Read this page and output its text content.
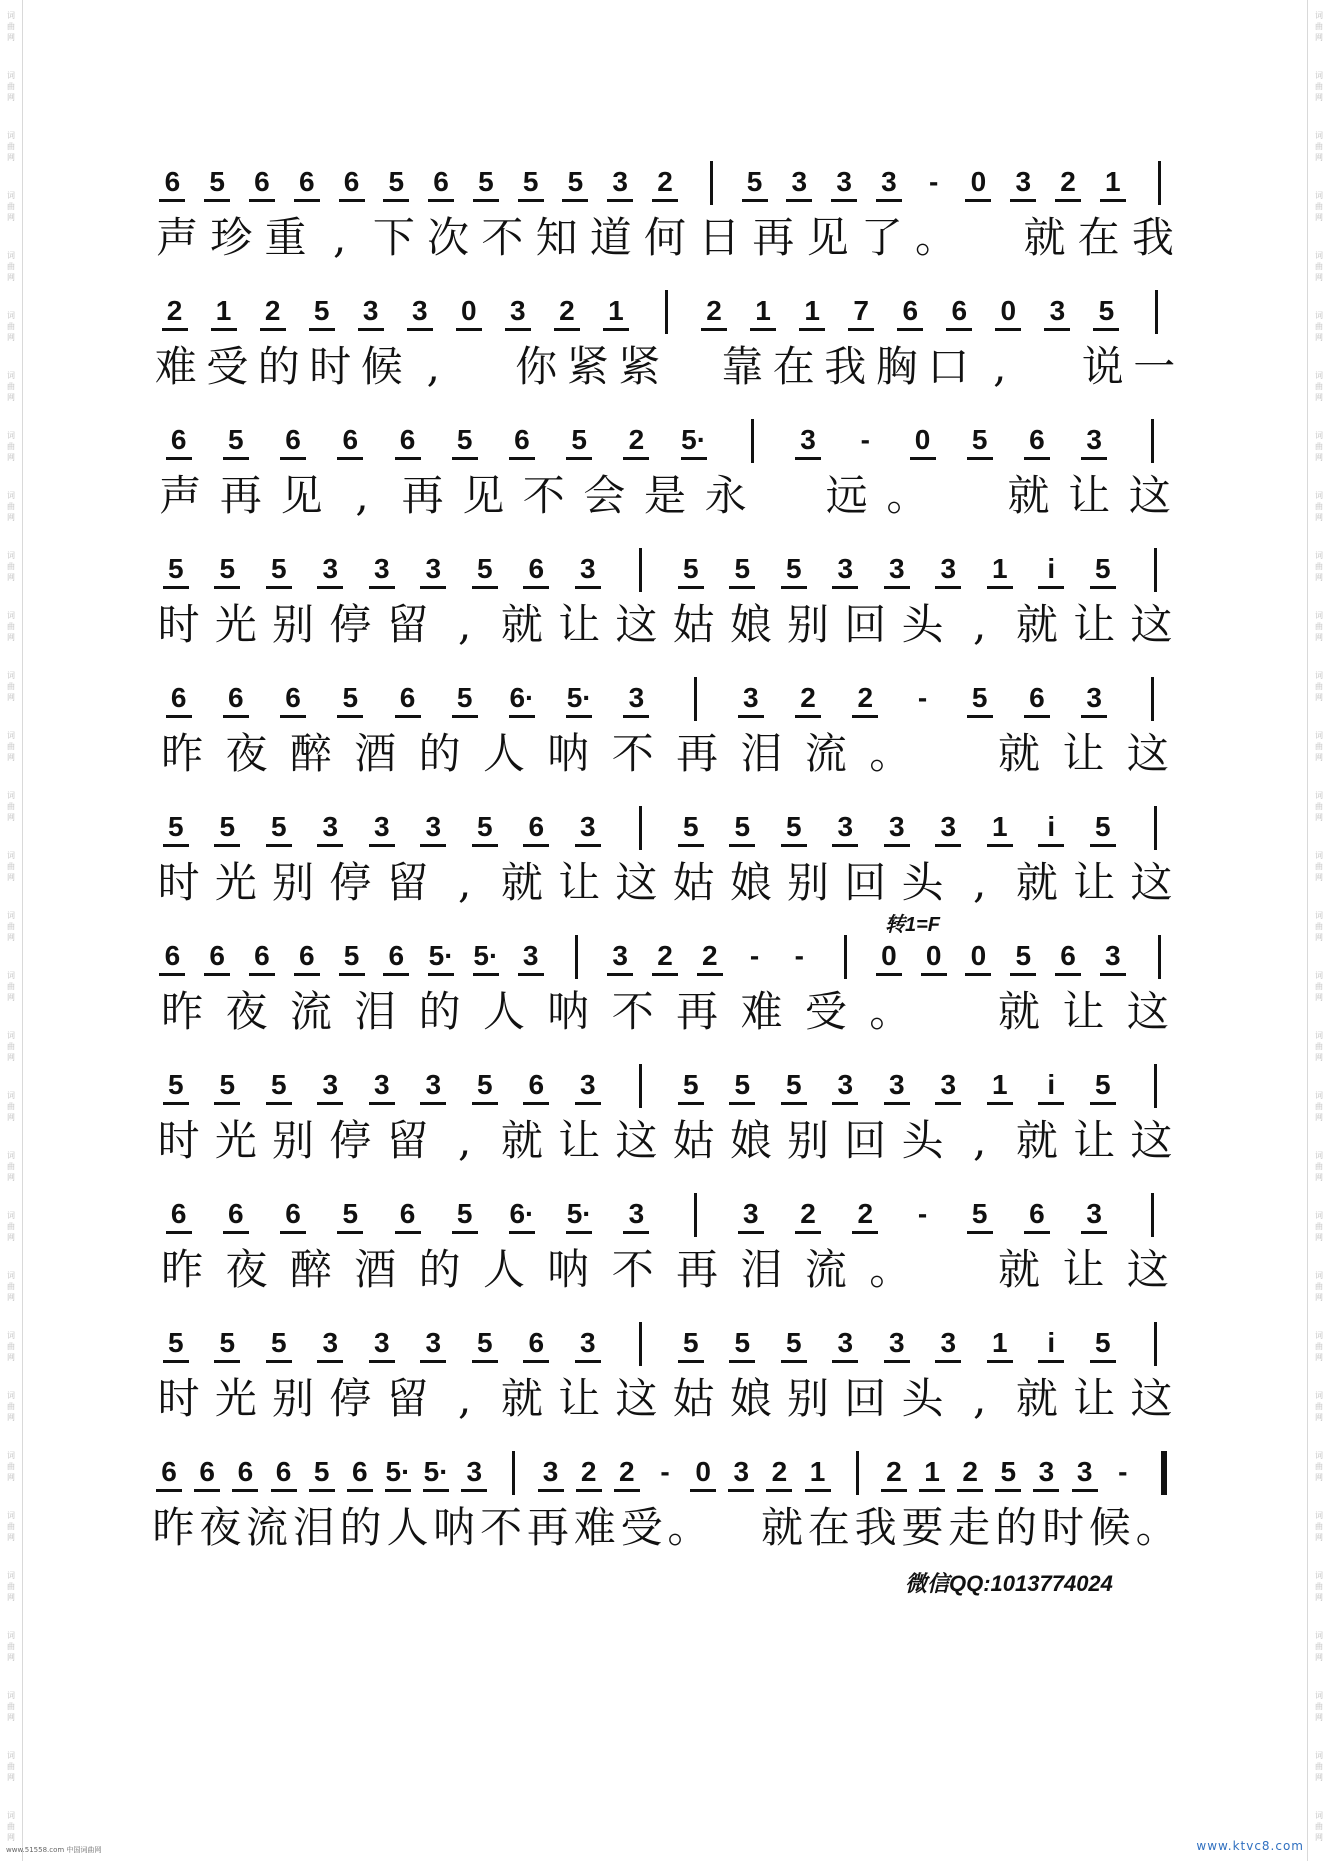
词
曲
网
词
曲
网
词
曲
网
词
曲
网
词
曲
网
词
曲
网
词
曲
网
词
曲
网
词
曲
网
词
曲
网
词
曲
网
词
曲
网
词
曲
网
词
曲
网
词
曲
网
词
曲
网
词
曲
网
词
曲
网
词
曲
网
词
曲
网
词
曲
网
词
曲
网
词
曲
网
词
曲
网
词
曲
网
词
曲
网
词
曲
网
词
曲
网
词
曲
网
词
曲
网
词
曲
网
词
曲
网
词
曲
网
词
曲
网
词
曲
网
词
曲
网
词
曲
网
词
曲
网
词
曲
网
词
曲
网
词
曲
网
词
曲
网
词
曲
网
词
曲
网
词
曲
网
词
曲
网
词
曲
网
词
曲
网
词
曲
网
词
曲
网
词
曲
网
词
曲
网
词
曲
网
词
曲
网
词
曲
网
词
曲
网
词
曲
网
词
曲
网
词
曲
网
词
曲
网
词
曲
网
词
曲
网
6 5 6 6 6 5 6 5 5 5 3 2	5 3 3 3	-	0 3 2 1
声 珍 重 , 下 次 不 知 道 何 日 再 见 了 。 就 在 我
2 1 2 5 3 3 0 3 2 1	2 1 1 7 6 6 0 3 5
难 受 的 时 候 ,	你 紧 紧 靠 在 我 胸 口 ,	说 一
6 5 6 6 6 5 6 5 2 5·	3	-	0 5 6 3
声 再 见 , 再 见 不 会 是 永 远 。 就 让 这
5 5 5 3 3 3 5 6 3	5 5 5 3 3 3 1	i	5
时 光 别 停 留 , 就 让 这 姑 娘 别 回 头 , 就 让 这
6 6 6 5 6 5 6· 5· 3	3 2 2	-	5 6 3
昨 夜 醉 酒 的 人 呐 不 再 泪 流 。 就 让 这
5 5 5 3 3 3 5 6 3	5 5 5 3 3 3 1	i	5
时 光 别 停 留 , 就 让 这 姑 娘 别 回 头 , 就 让 这
6 6 6 6 5 6 5· 5· 3	3 2 2	-	-	0 0 0 5 6 3
昨 夜 流 泪 的 人 呐 不 再 难 受 。 就 让 这
5 5 5 3 3 3 5 6 3	5 5 5 3 3 3 1	i	5
时 光 别 停 留 , 就 让 这 姑 娘 别 回 头 , 就 让 这
6 6 6 5 6 5 6· 5· 3	3 2 2	-	5 6 3
昨 夜 醉 酒 的 人 呐 不 再 泪 流 。 就 让 这
5 5 5 3 3 3 5 6 3	5 5 5 3 3 3 1	i	5
时 光 别 停 留 , 就 让 这 姑 娘 别 回 头 , 就 让 这
6 6 6 6 5 6 5· 5· 3 3 2 2 - 0 3 2 1 2 1 2 5 3 3 -
昨 夜 流 泪 的 人 呐 不 再 难 受 。 就 在 我 要 走 的 时 候 。
转1=F
微信QQ:1013774024
www.51558.com 中国词曲网	www.ktvc8.com
